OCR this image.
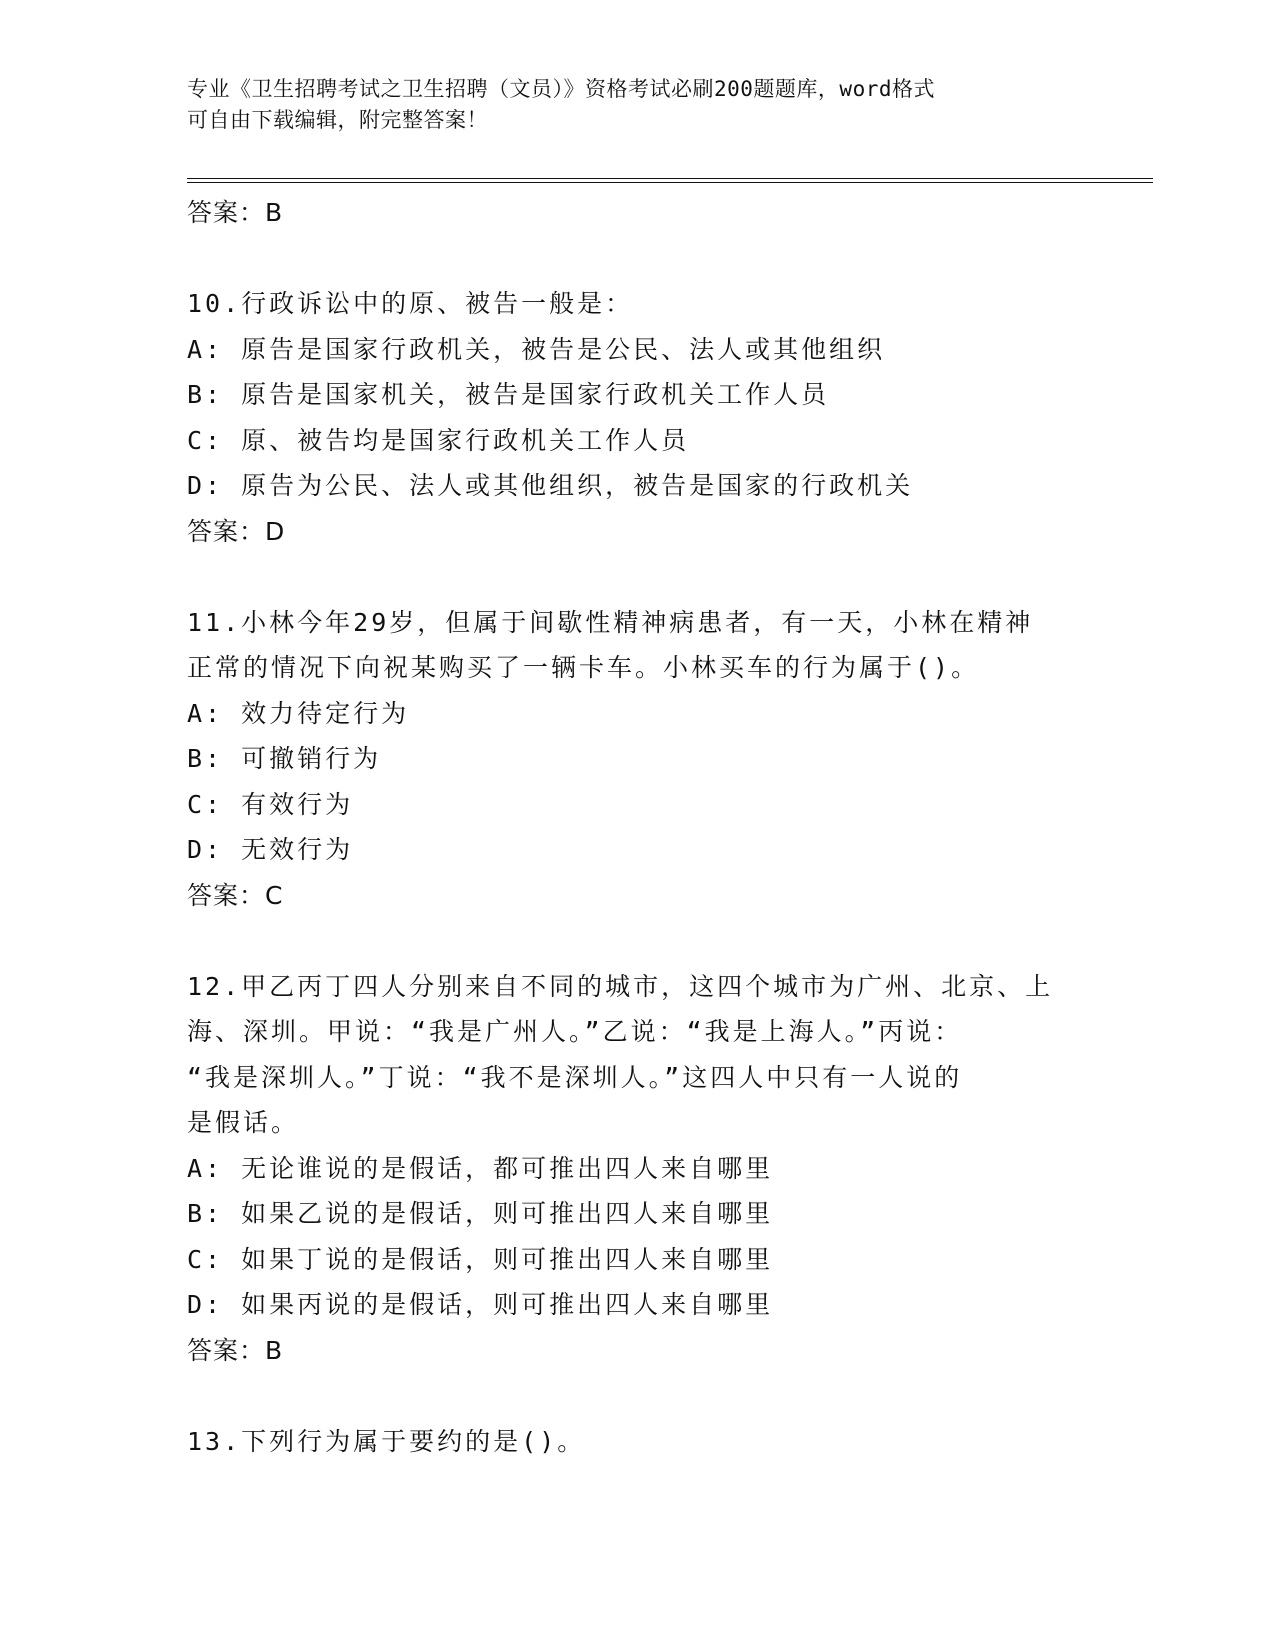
专业《卫生招聘考试之卫生招聘（文员）》资格考试必刷200题题库，word格式
可自由下载编辑，附完整答案！
答案：B
10.行政诉讼中的原、被告一般是：
A: 原告是国家行政机关，被告是公民、法人或其他组织
B: 原告是国家机关，被告是国家行政机关工作人员
C: 原、被告均是国家行政机关工作人员
D: 原告为公民、法人或其他组织，被告是国家的行政机关
答案：D
11.小林今年29岁，但属于间歇性精神病患者，有一天，小林在精神
正常的情况下向祝某购买了一辆卡车。小林买车的行为属于()。
A: 效力待定行为
B: 可撤销行为
C: 有效行为
D: 无效行为
答案：C
12.甲乙丙丁四人分别来自不同的城市，这四个城市为广州、北京、上
海、深圳。甲说：“我是广州人。”乙说：“我是上海人。”丙说：
“我是深圳人。”丁说：“我不是深圳人。”这四人中只有一人说的
是假话。
A: 无论谁说的是假话，都可推出四人来自哪里
B: 如果乙说的是假话，则可推出四人来自哪里
C: 如果丁说的是假话，则可推出四人来自哪里
D: 如果丙说的是假话，则可推出四人来自哪里
答案：B
13.下列行为属于要约的是()。
